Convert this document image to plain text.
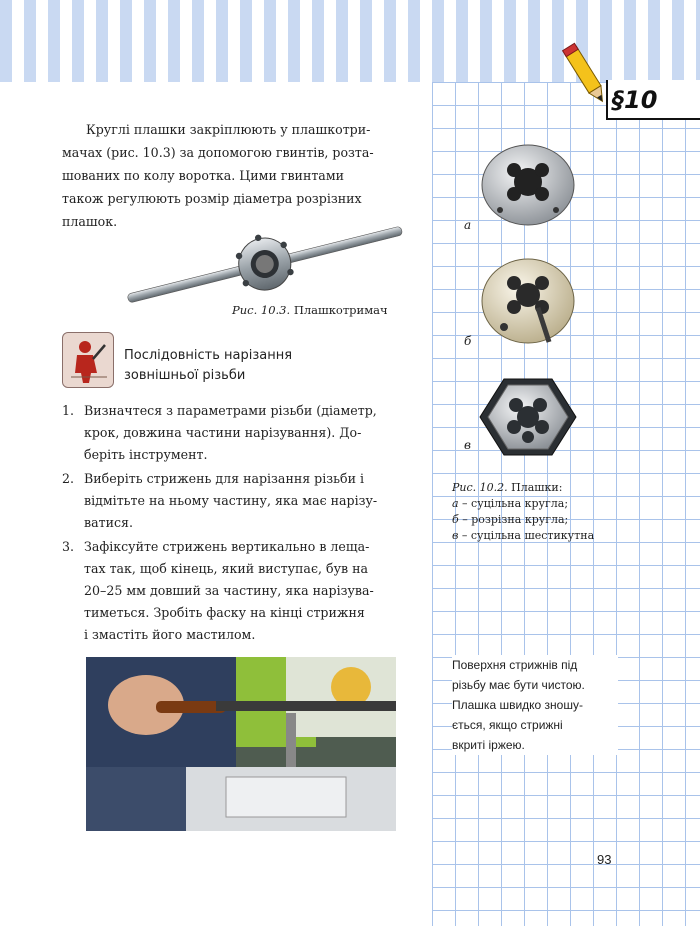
§10

Круглі плашки закріплюють у плашкотри-

мачах (рис. 10.3) за допомогою гвинтів, розта-
шованих по колу воротка. Цими гвинтами
також регулюють розмір діаметра розрізних
плашок.
Рис. 10.3. Плашкотримач
Послідовність нарізання
зовнішньої різьби
1. Визначтеся з параметрами різьби (діаметр,
крок, довжина частини нарізування). До-
беріть інструмент.
2. Виберіть стрижень для нарізання різьби і
відмітьте на ньому частину, яка має нарізу-
ватися.
3. Зафіксуйте стрижень вертикально в леща-
тах так, щоб кінець, який виступає, був на
20–25 мм довший за частину, яка нарізува-
тиметься. Зробіть фаску на кінці стрижня
і змастіть його мастилом.
а
б
в
Рис. 10.2. Плашки:
а – суцільна кругла;
б – розрізна кругла;
в – суцільна шестикутна
Поверхня стрижнів під
різьбу має бути чистою.
Плашка швидко зношу-
ється, якщо стрижні
вкриті іржею.
93
